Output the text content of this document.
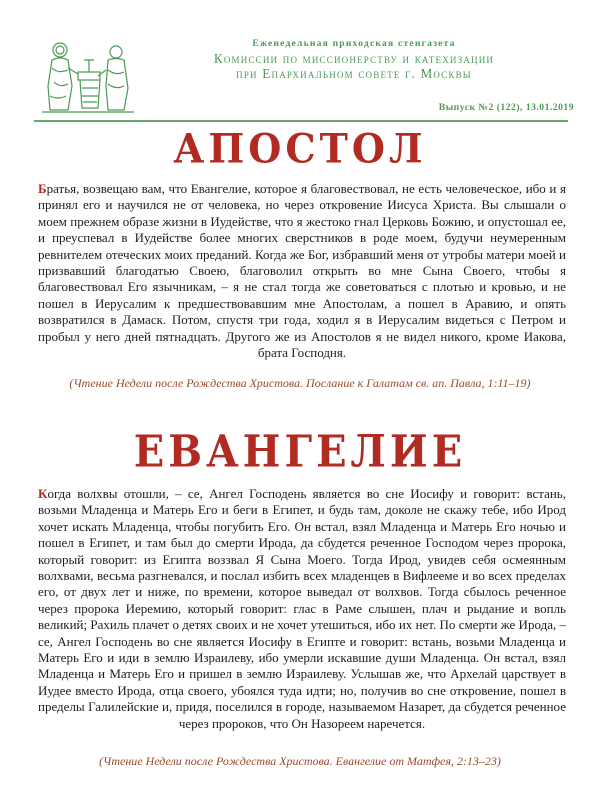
Еженедельная приходская стенгазета
Комиссии по миссионерству и катехизации
при Епархиальном совете г. Москвы
Выпуск №2 (122), 13.01.2019
АПОСТОЛ
Братья, возвещаю вам, что Евангелие, которое я благовествовал, не есть человеческое, ибо и я принял его и научился не от человека, но через откровение Иисуса Христа. Вы слышали о моем прежнем образе жизни в Иудействе, что я жестоко гнал Церковь Божию, и опустошал ее, и преуспевал в Иудействе более многих сверстников в роде моем, будучи неумеренным ревнителем отеческих моих преданий. Когда же Бог, избравший меня от утробы матери моей и призвавший благодатью Своею, благоволил открыть во мне Сына Своего, чтобы я благовествовал Его язычникам, – я не стал тогда же советоваться с плотью и кровью, и не пошел в Иерусалим к предшествовавшим мне Апостолам, а пошел в Аравию, и опять возвратился в Дамаск. Потом, спустя три года, ходил я в Иерусалим видеться с Петром и пробыл у него дней пятнадцать. Другого же из Апостолов я не видел никого, кроме Иакова, брата Господня.
(Чтение Недели после Рождества Христова. Послание к Галатам св. ап. Павла, 1:11–19)
ЕВАНГЕЛИЕ
Когда волхвы отошли, – се, Ангел Господень является во сне Иосифу и говорит: встань, возьми Младенца и Матерь Его и беги в Египет, и будь там, доколе не скажу тебе, ибо Ирод хочет искать Младенца, чтобы погубить Его. Он встал, взял Младенца и Матерь Его ночью и пошел в Египет, и там был до смерти Ирода, да сбудется реченное Господом через пророка, который говорит: из Египта воззвал Я Сына Моего. Тогда Ирод, увидев себя осмеянным волхвами, весьма разгневался, и послал избить всех младенцев в Вифлееме и во всех пределах его, от двух лет и ниже, по времени, которое выведал от волхвов. Тогда сбылось реченное через пророка Иеремию, который говорит: глас в Раме слышен, плач и рыдание и вопль великий; Рахиль плачет о детях своих и не хочет утешиться, ибо их нет. По смерти же Ирода, – се, Ангел Господень во сне является Иосифу в Египте и говорит: встань, возьми Младенца и Матерь Его и иди в землю Израилеву, ибо умерли искавшие души Младенца. Он встал, взял Младенца и Матерь Его и пришел в землю Израилеву. Услышав же, что Архелай царствует в Иудее вместо Ирода, отца своего, убоялся туда идти; но, получив во сне откровение, пошел в пределы Галилейские и, придя, поселился в городе, называемом Назарет, да сбудется реченное через пророков, что Он Назореем наречется.
(Чтение Недели после Рождества Христова. Евангелие от Матфея, 2:13–23)
